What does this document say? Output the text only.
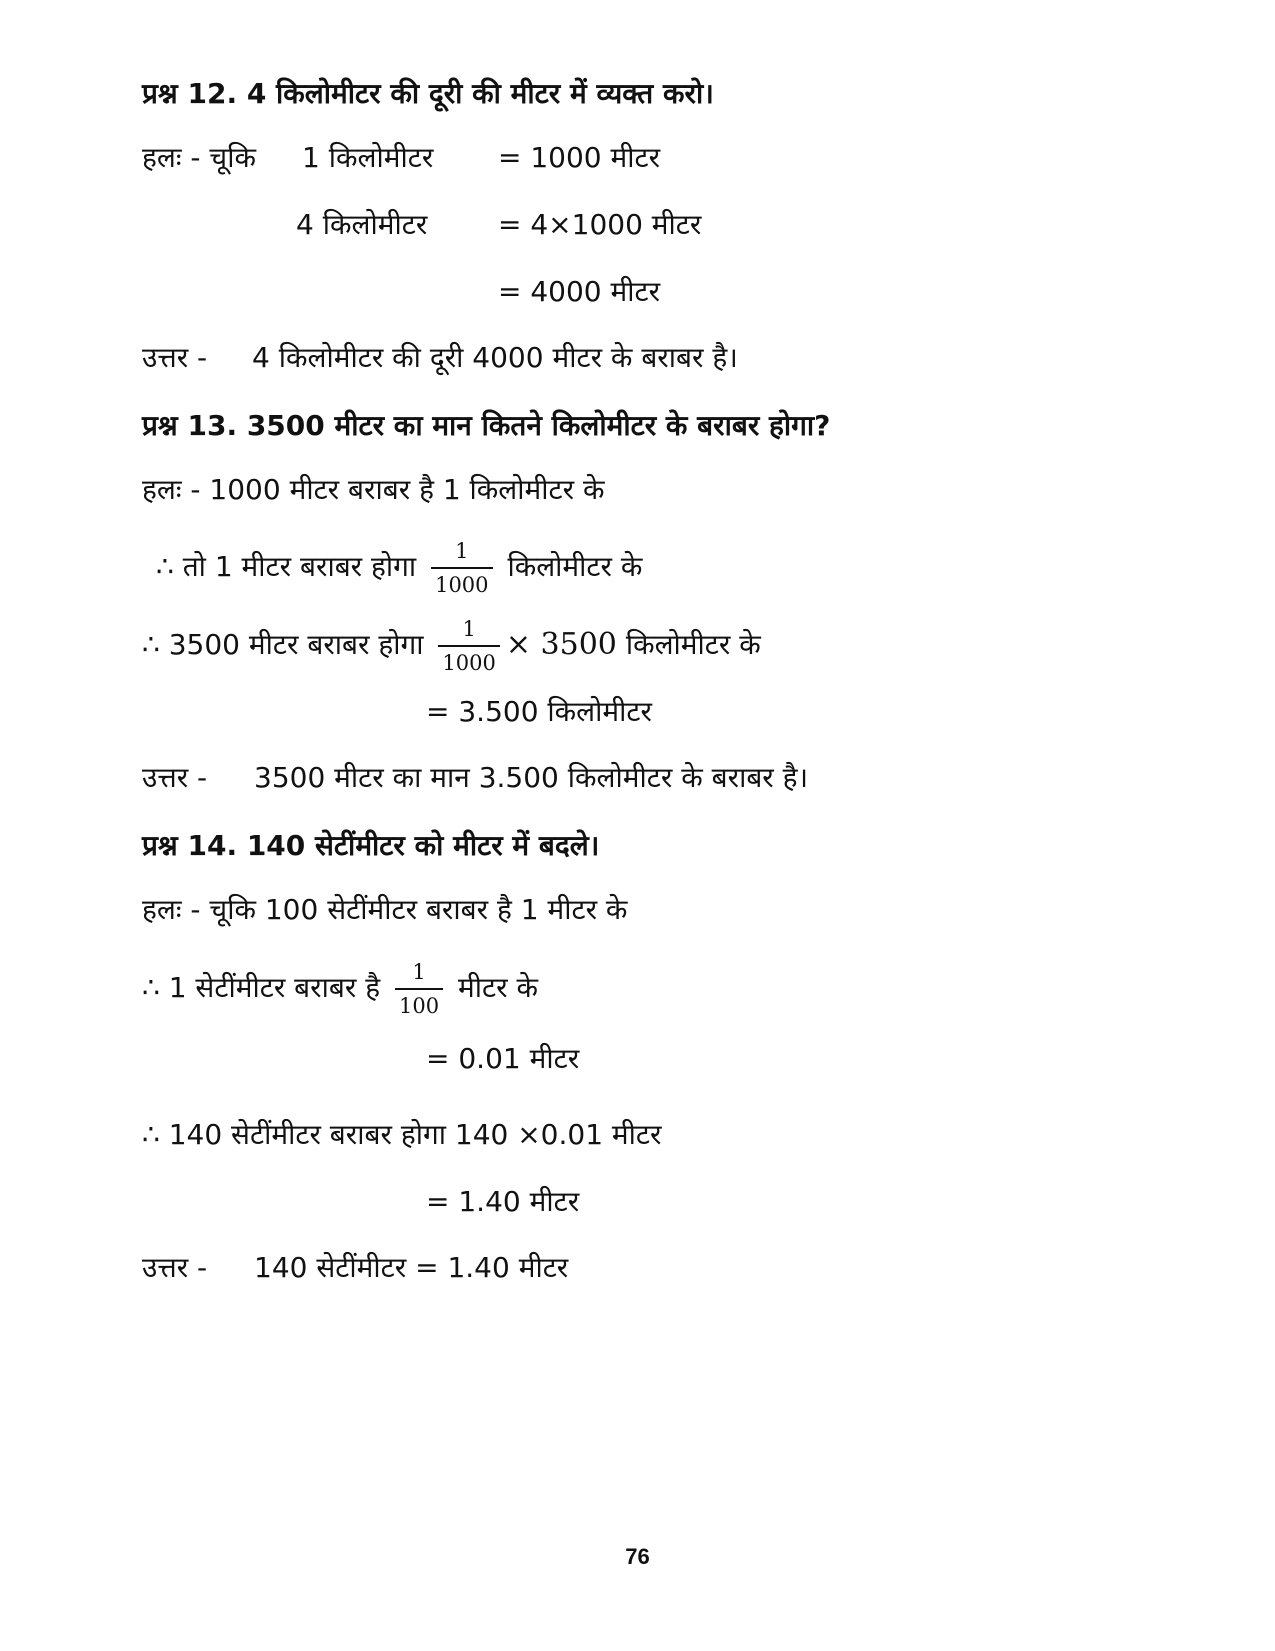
प्रश्न 12. 4 किलोमीटर की दूरी की मीटर में व्यक्त करो।
हलः - चूकि 1 किलोमीटर = 1000 मीटर
4 किलोमीटर	= 4×1000 मीटर
= 4000 मीटर
उत्तर - 4 किलोमीटर की दूरी 4000 मीटर के बराबर है।
प्रश्न 13. 3500 मीटर का मान कितने किलोमीटर के बराबर होगा?
हलः - 1000 मीटर बराबर है 1 किलोमीटर के
∴ तो 1 मीटर बराबर होगा $\frac{1}{1000}$ किलोमीटर के
∴ 3500 मीटर बराबर होगा $\frac{1}{1000} \times 3500$ किलोमीटर के
= 3.500 किलोमीटर
उत्तर - 3500 मीटर का मान 3.500 किलोमीटर के बराबर है।
प्रश्न 14. 140 सेटींमीटर को मीटर में बदले।
हलः - चूकि 100 सेटींमीटर बराबर है 1 मीटर के
∴ 1 सेटींमीटर बराबर है $\frac{1}{100}$ मीटर के
= 0.01 मीटर
∴ 140 सेटींमीटर बराबर होगा 140 ×0.01 मीटर
= 1.40 मीटर
उत्तर - 140 सेटींमीटर = 1.40 मीटर
76
